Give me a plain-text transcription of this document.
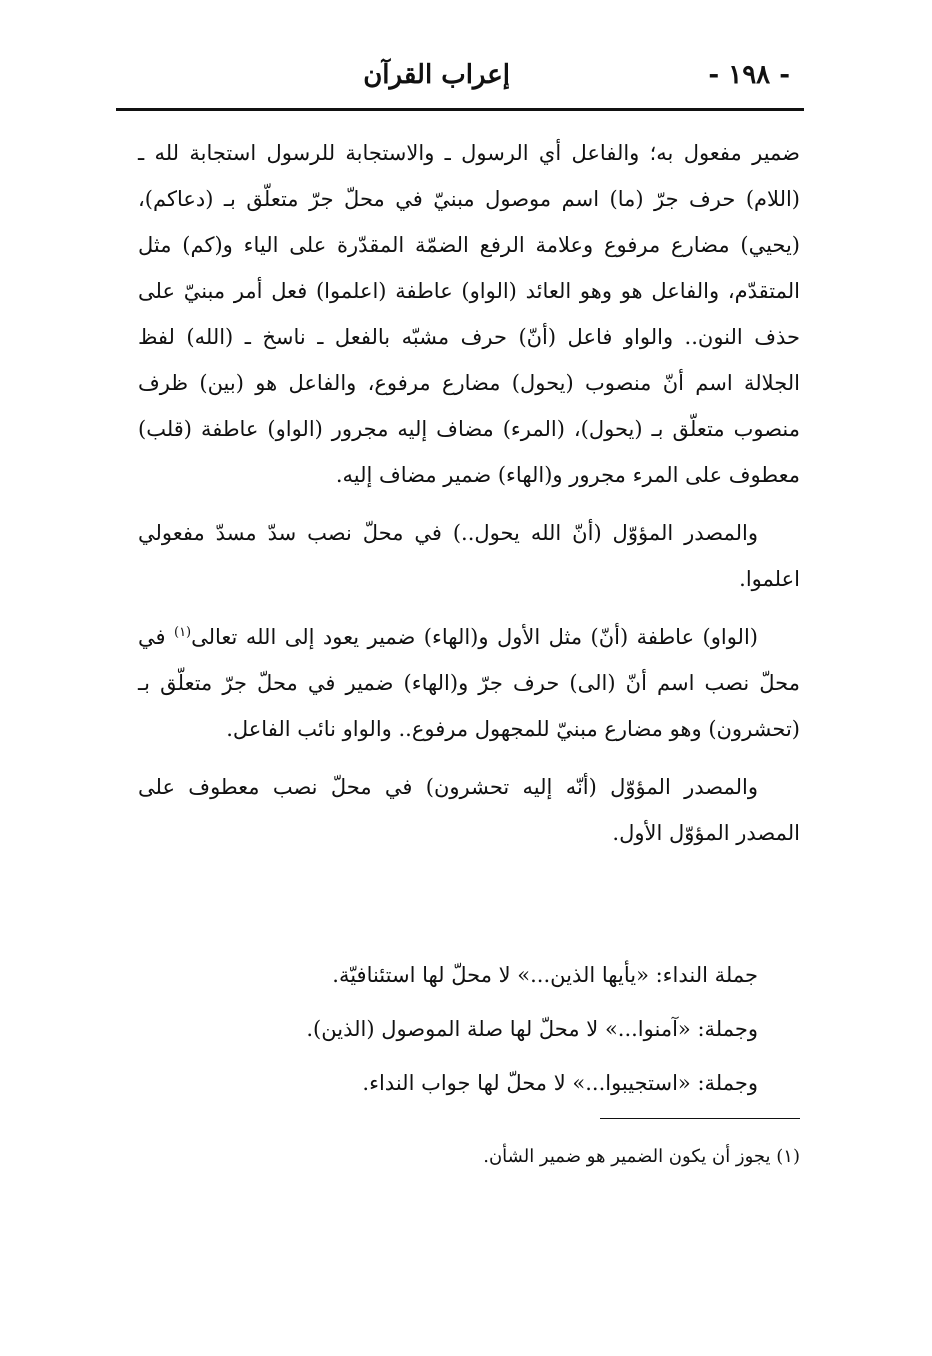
- ١٩٨ -
إعراب القرآن

ضمير مفعول به؛ والفاعل أي الرسول ـ والاستجابة للرسول استجابة لله ـ (اللام) حرف جرّ (ما) اسم موصول مبنيّ في محلّ جرّ متعلّق بـ (دعاكم)، (يحيي) مضارع مرفوع وعلامة الرفع الضمّة المقدّرة على الياء و(كم) مثل المتقدّم، والفاعل هو وهو العائد (الواو) عاطفة (اعلموا) فعل أمر مبنيّ على حذف النون.. والواو فاعل (أنّ) حرف مشبّه بالفعل ـ ناسخ ـ (الله) لفظ الجلالة اسم أنّ منصوب (يحول) مضارع مرفوع، والفاعل هو (بين) ظرف منصوب متعلّق بـ (يحول)، (المرء) مضاف إليه مجرور (الواو) عاطفة (قلب) معطوف على المرء مجرور و(الهاء) ضمير مضاف إليه.

والمصدر المؤوّل (أنّ الله يحول..) في محلّ نصب سدّ مسدّ مفعولي اعلموا.

(الواو) عاطفة (أنّ) مثل الأول و(الهاء) ضمير يعود إلى الله تعالى$^{(١)}$ في محلّ نصب اسم أنّ (الى) حرف جرّ و(الهاء) ضمير في محلّ جرّ متعلّق بـ (تحشرون) وهو مضارع مبنيّ للمجهول مرفوع.. والواو نائب الفاعل.

والمصدر المؤوّل (أنّه إليه تحشرون) في محلّ نصب معطوف على المصدر المؤوّل الأول.

جملة النداء: «يأيها الذين...» لا محلّ لها استئنافيّة.
وجملة: «آمنوا...» لا محلّ لها صلة الموصول (الذين).
وجملة: «استجيبوا...» لا محلّ لها جواب النداء.
(١) يجوز أن يكون الضمير هو ضمير الشأن.
